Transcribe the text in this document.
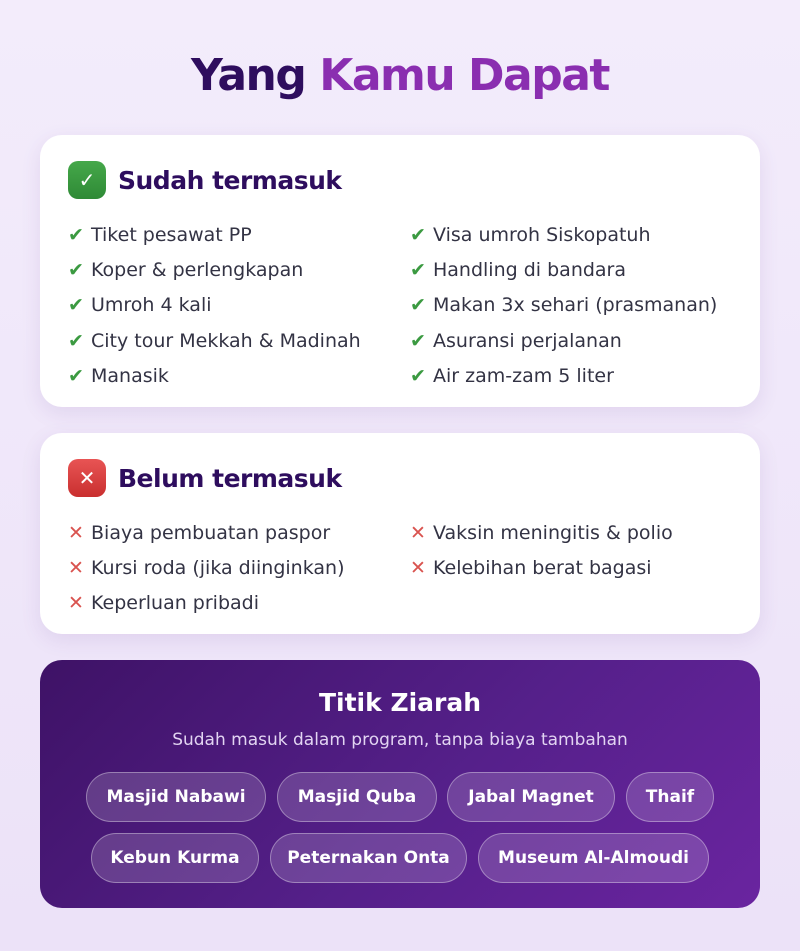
Yang Kamu Dapat
✓ Sudah termasuk
✔ Tiket pesawat PP
✔ Koper & perlengkapan
✔ Umroh 4 kali
✔ City tour Mekkah & Madinah
✔ Manasik
✔ Visa umroh Siskopatuh
✔ Handling di bandara
✔ Makan 3x sehari (prasmanan)
✔ Asuransi perjalanan
✔ Air zam-zam 5 liter
✕ Belum termasuk
✕ Biaya pembuatan paspor
✕ Kursi roda (jika diinginkan)
✕ Keperluan pribadi
✕ Vaksin meningitis & polio
✕ Kelebihan berat bagasi
Titik Ziarah

Sudah masuk dalam program, tanpa biaya tambahan

Masjid Nabawi	Masjid Quba	Jabal Magnet	Thaif
Kebun Kurma	Peternakan Onta	Museum Al-Almoudi
